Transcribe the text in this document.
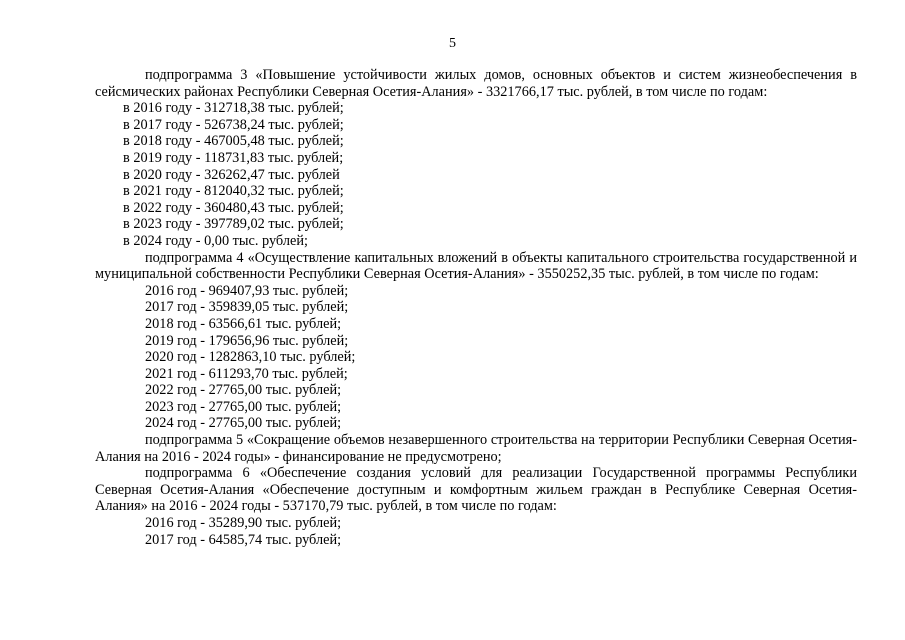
5

подпрограмма 3 «Повышение устойчивости жилых домов, основных объектов и систем жизнеобеспечения в сейсмических районах Республики Северная Осетия-Алания» - 3321766,17 тыс. рублей, в том числе по годам:

в 2016 году - 312718,38 тыс. рублей;

в 2017 году - 526738,24 тыс. рублей;

в 2018 году - 467005,48 тыс. рублей;

в 2019 году - 118731,83 тыс. рублей;

в 2020 году - 326262,47 тыс. рублей

в 2021 году - 812040,32 тыс. рублей;

в 2022 году - 360480,43 тыс. рублей;

в 2023 году - 397789,02 тыс. рублей;

в 2024 году - 0,00 тыс. рублей;

подпрограмма 4 «Осуществление капитальных вложений в объекты капитального строительства государственной и муниципальной собственности Республики Северная Осетия-Алания» - 3550252,35 тыс. рублей, в том числе по годам:

2016 год - 969407,93 тыс. рублей;

2017 год - 359839,05 тыс. рублей;

2018 год - 63566,61 тыс. рублей;

2019 год - 179656,96 тыс. рублей;

2020 год - 1282863,10 тыс. рублей;

2021 год - 611293,70 тыс. рублей;

2022 год - 27765,00 тыс. рублей;

2023 год - 27765,00 тыс. рублей;

2024 год - 27765,00 тыс. рублей;

подпрограмма 5 «Сокращение объемов незавершенного строительства на территории Республики Северная Осетия-Алания на 2016 - 2024 годы» - финансирование не предусмотрено;

подпрограмма 6 «Обеспечение создания условий для реализации Государственной программы Республики Северная Осетия-Алания «Обеспечение доступным и комфортным жильем граждан в Республике Северная Осетия-Алания» на 2016 - 2024 годы - 537170,79 тыс. рублей, в том числе по годам:

2016 год - 35289,90 тыс. рублей;

2017 год - 64585,74 тыс. рублей;
